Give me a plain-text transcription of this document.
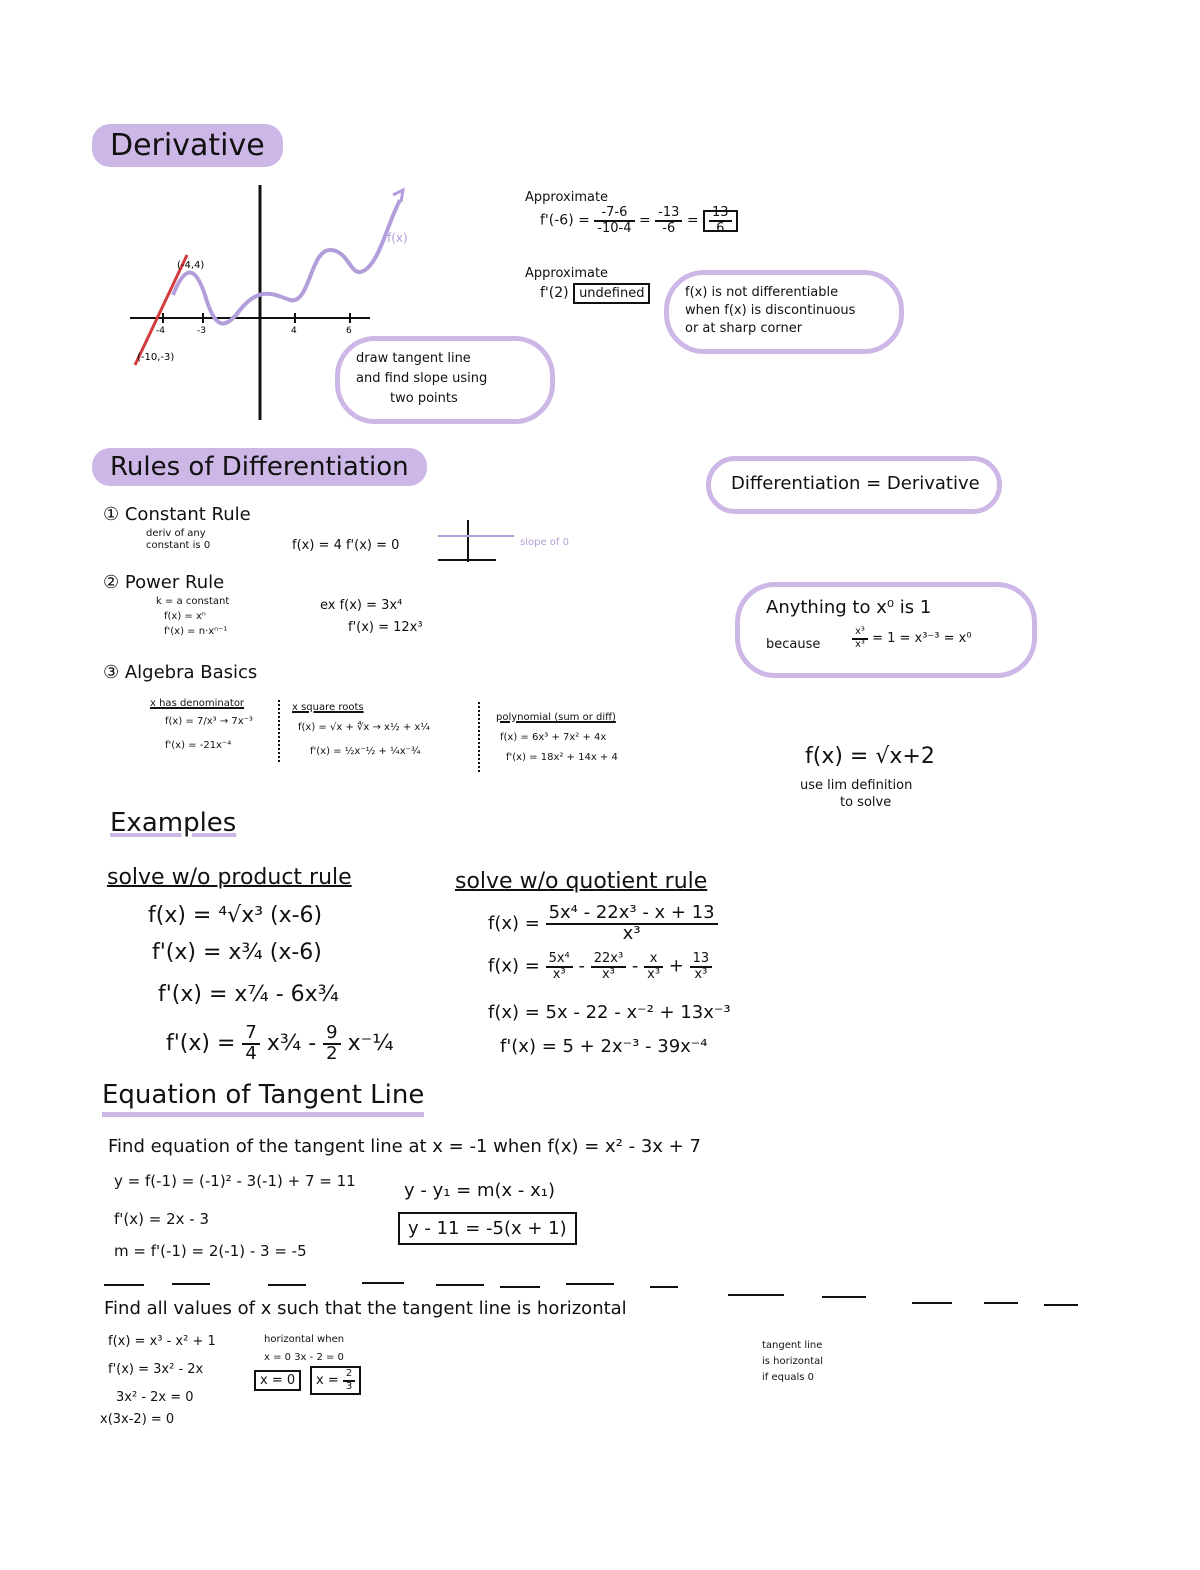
Derivative
(-4,4)
(-10,-3)
-4	-3	4	6
f(x)
draw tangent line
and find slope using
two points
Approximate
$f'(-6) = \frac{-7-6}{-10-4} = \frac{-13}{-6} = \frac{13}{6}$
Approximate
f'(2) undefined	f(x) is not differentiable
when f(x) is discontinuous
or at sharp corner
Rules of Differentiation
Differentiation = Derivative
① Constant Rule
deriv of any
constant is 0	f(x) = 4 f'(x) = 0	slope of 0
② Power Rule
k = a constant
f(x) = xⁿ
f'(x) = n·xⁿ⁻¹
ex f(x) = 3x⁴
f'(x) = 12x³
③ Algebra Basics
x has denominator
f(x) = 7/x³ → 7x⁻³
f'(x) = -21x⁻⁴
x square roots
f(x) = √x + ∜x → x½ + x¼
f'(x) = ½x⁻½ + ¼x⁻¾
polynomial (sum or diff)
f(x) = 6x³ + 7x² + 4x
f'(x) = 18x² + 14x + 4
Anything to x⁰ is 1
because	$\frac{\text{x³}}{\text{x³}} = 1 = x^{3-3} = x^0$
f(x) = √x+2
use lim definition
to solve
Examples
solve w/o product rule
f(x) = ⁴√x³ (x-6)
f'(x) = x¾ (x-6)
f'(x) = x⁷⁄₄ - 6x¾
$f'(x) = \frac{7}{4}$ x¾ - $\frac{9}{2}$ x⁻¼
solve w/o quotient rule
$f(x) = \frac{\text{5x⁴ - 22x³ - x + 13}}{\text{x³}}$
$f(x) = \frac{\text{5x⁴}}{\text{x³}} - \frac{\text{22x³}}{\text{x³}} - \frac{x}{\text{x³}} + \frac{13}{\text{x³}}$
f(x) = 5x - 22 - x⁻² + 13x⁻³
f'(x) = 5 + 2x⁻³ - 39x⁻⁴
Equation of Tangent Line
Find equation of the tangent line at x = -1 when f(x) = x² - 3x + 7
y = f(-1) = (-1)² - 3(-1) + 7 = 11
f'(x) = 2x - 3
m = f'(-1) = 2(-1) - 3 = -5
y - y₁ = m(x - x₁)
y - 11 = -5(x + 1)
Find all values of x such that the tangent line is horizontal
f(x) = x³ - x² + 1
f'(x) = 3x² - 2x
3x² - 2x = 0
x(3x-2) = 0
horizontal when
x = 0 3x - 2 = 0
x = 0	$x = \frac{2}{3}$
tangent line
is horizontal
if equals 0
